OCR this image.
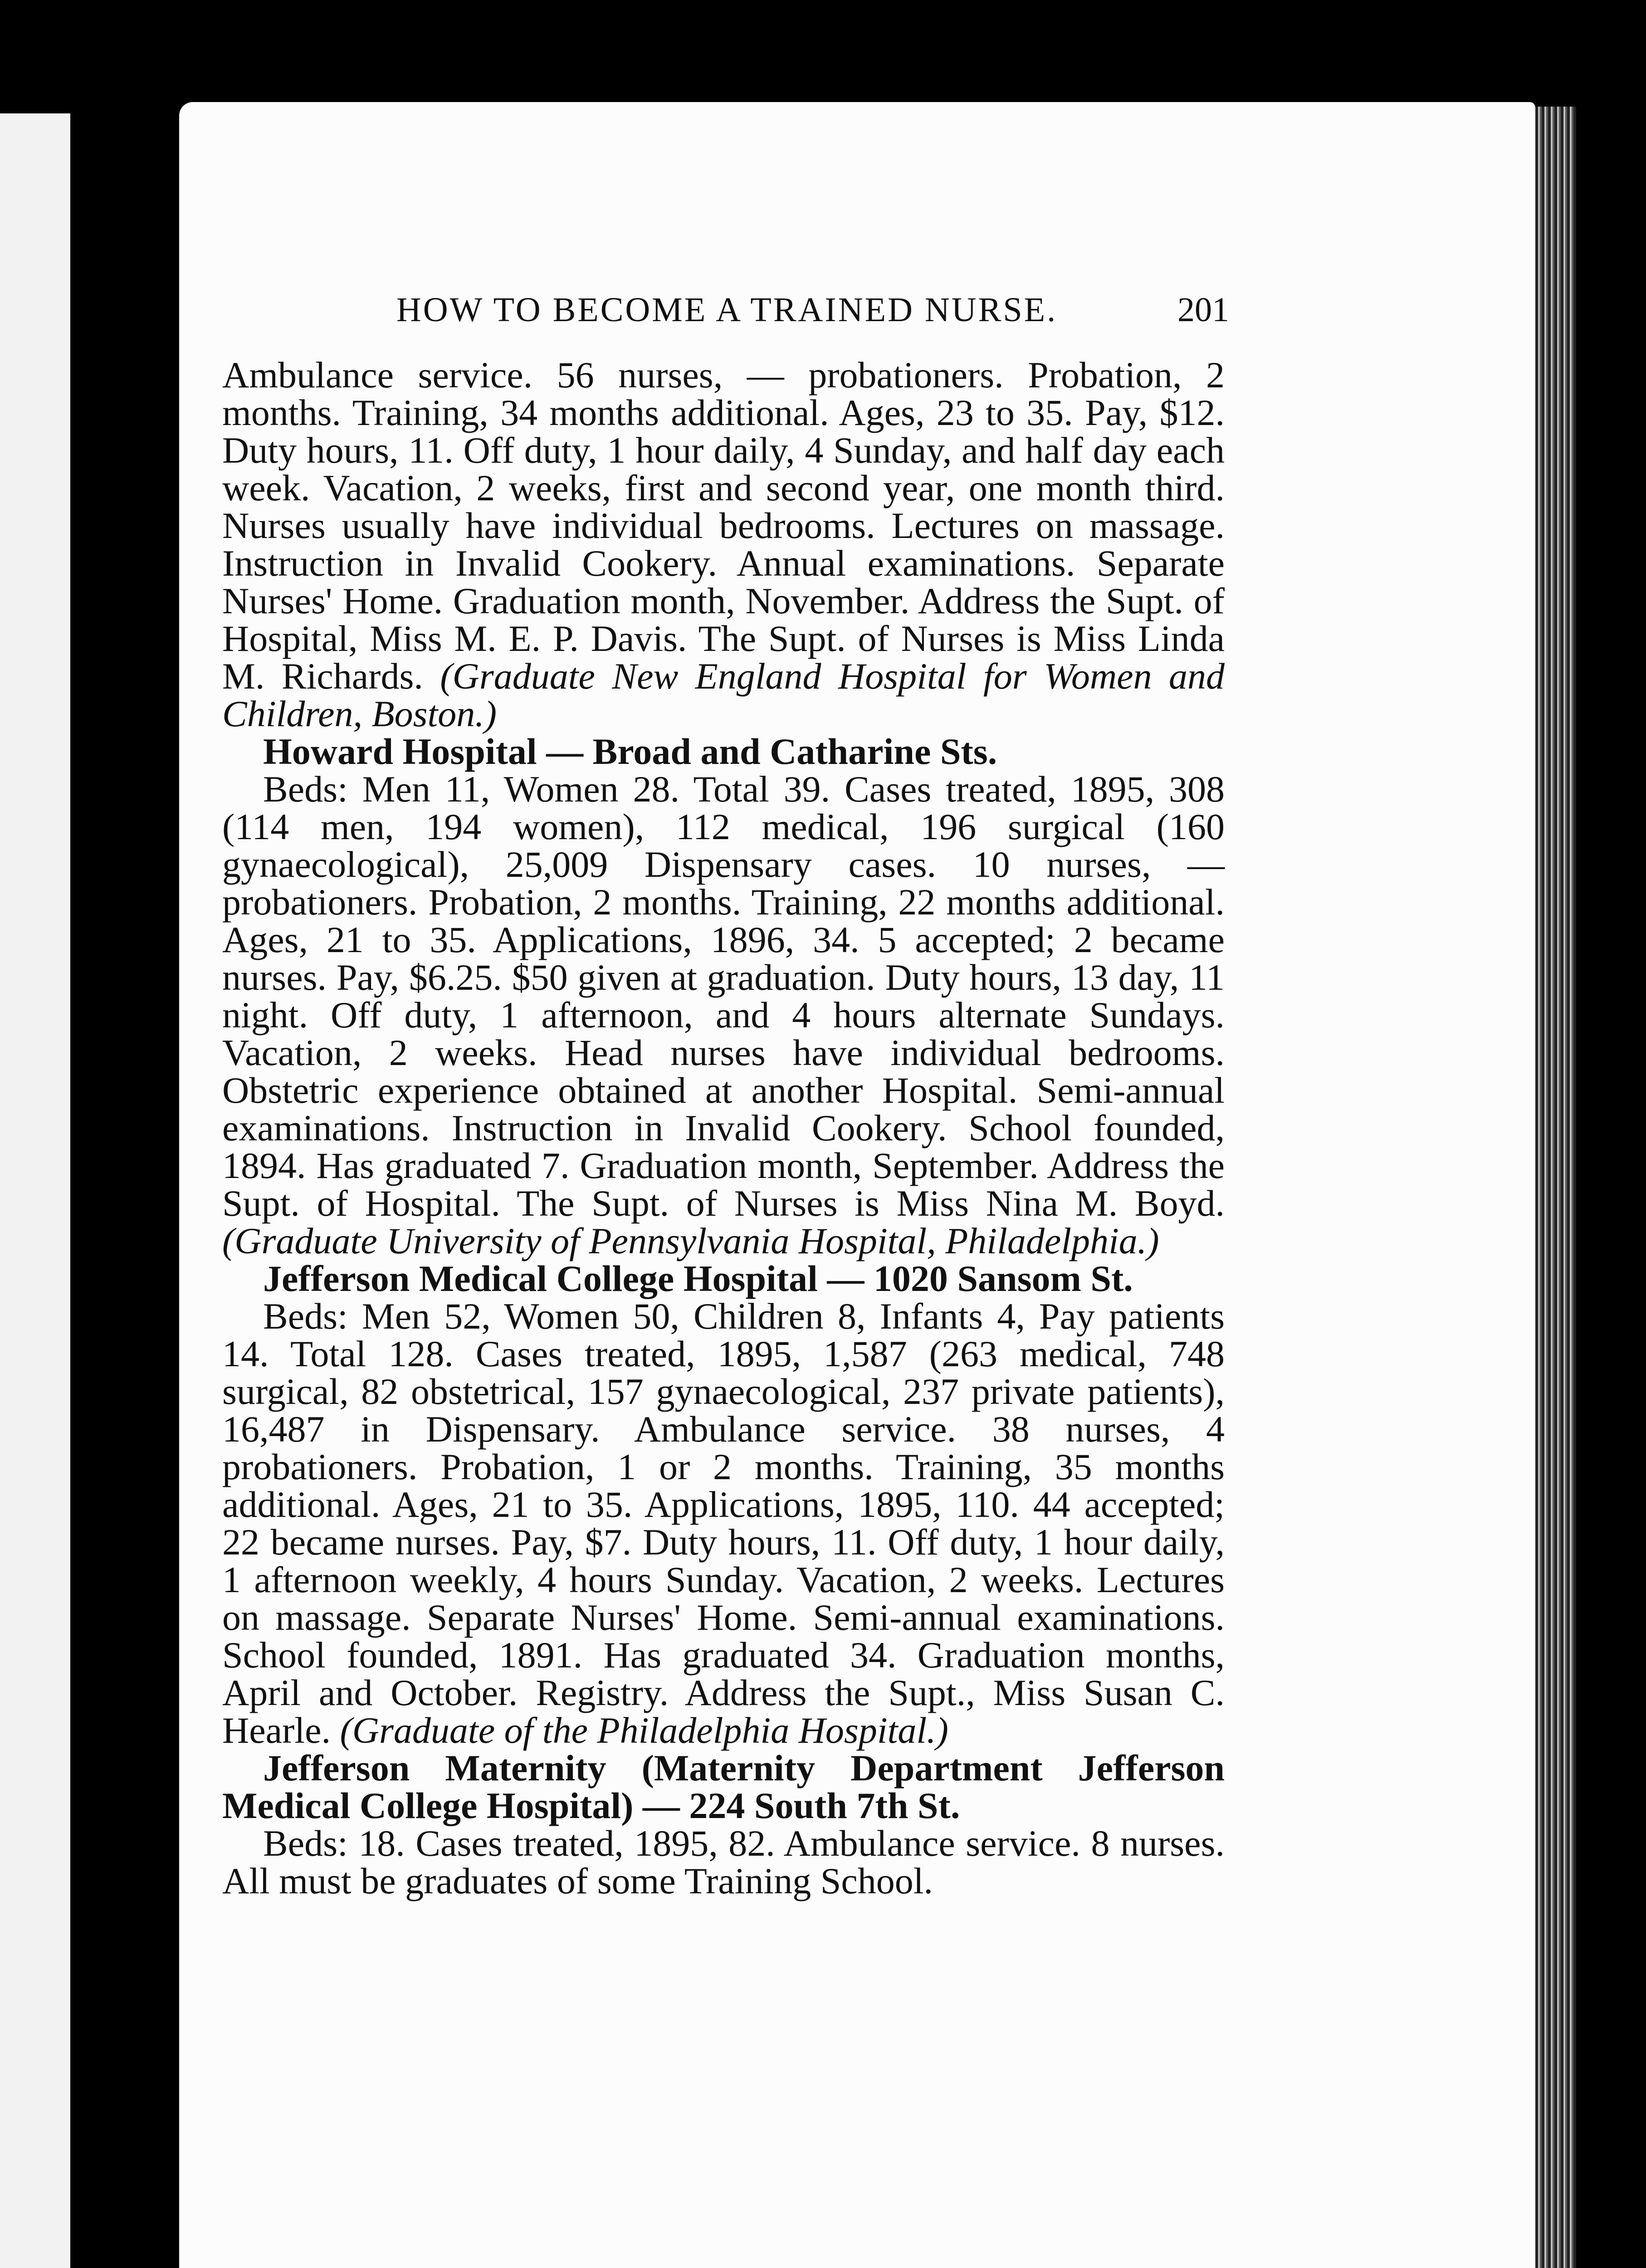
HOW TO BECOME A TRAINED NURSE.	201

Ambulance service. 56 nurses, — probationers. Probation, 2 months. Training, 34 months additional. Ages, 23 to 35. Pay, $12. Duty hours, 11. Off duty, 1 hour daily, 4 Sunday, and half day each week. Vacation, 2 weeks, first and second year, one month third. Nurses usually have individual bedrooms. Lectures on massage. Instruction in Invalid Cookery. Annual examinations. Separate Nurses' Home. Graduation month, November. Address the Supt. of Hospital, Miss M. E. P. Davis. The Supt. of Nurses is Miss Linda M. Richards. (Graduate New England Hospital for Women and Children, Boston.)

Howard Hospital — Broad and Catharine Sts.

Beds: Men 11, Women 28. Total 39. Cases treated, 1895, 308 (114 men, 194 women), 112 medical, 196 surgical (160 gynaecological), 25,009 Dispensary cases. 10 nurses, — probationers. Probation, 2 months. Training, 22 months additional. Ages, 21 to 35. Applications, 1896, 34. 5 accepted; 2 became nurses. Pay, $6.25. $50 given at graduation. Duty hours, 13 day, 11 night. Off duty, 1 afternoon, and 4 hours alternate Sundays. Vacation, 2 weeks. Head nurses have individual bedrooms. Obstetric experience obtained at another Hospital. Semi-annual examinations. Instruction in Invalid Cookery. School founded, 1894. Has graduated 7. Graduation month, September. Address the Supt. of Hospital. The Supt. of Nurses is Miss Nina M. Boyd. (Graduate University of Pennsylvania Hospital, Philadelphia.)

Jefferson Medical College Hospital — 1020 Sansom St.

Beds: Men 52, Women 50, Children 8, Infants 4, Pay patients 14. Total 128. Cases treated, 1895, 1,587 (263 medical, 748 surgical, 82 obstetrical, 157 gynaecological, 237 private patients), 16,487 in Dispensary. Ambulance service. 38 nurses, 4 probationers. Probation, 1 or 2 months. Training, 35 months additional. Ages, 21 to 35. Applications, 1895, 110. 44 accepted; 22 became nurses. Pay, $7. Duty hours, 11. Off duty, 1 hour daily, 1 afternoon weekly, 4 hours Sunday. Vacation, 2 weeks. Lectures on massage. Separate Nurses' Home. Semi-annual examinations. School founded, 1891. Has graduated 34. Graduation months, April and October. Registry. Address the Supt., Miss Susan C. Hearle. (Graduate of the Philadelphia Hospital.)

Jefferson Maternity (Maternity Department Jefferson Medical College Hospital) — 224 South 7th St.

Beds: 18. Cases treated, 1895, 82. Ambulance service. 8 nurses. All must be graduates of some Training School.
